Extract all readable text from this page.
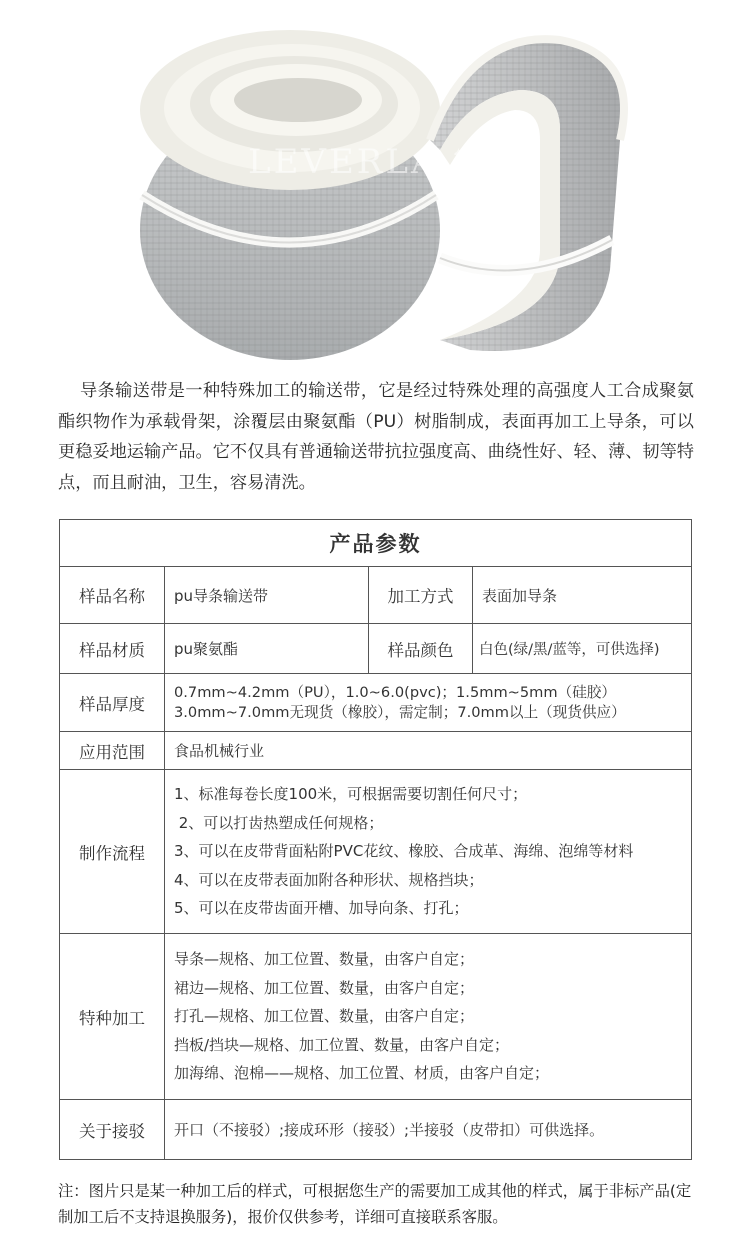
LEVERLA 睿川

导条输送带是一种特殊加工的输送带，它是经过特殊处理的高强度人工合成聚氨酯织物作为承载骨架，涂覆层由聚氨酯（PU）树脂制成，表面再加工上导条，可以更稳妥地运输产品。它不仅具有普通输送带抗拉强度高、曲绕性好、轻、薄、韧等特点，而且耐油，卫生，容易清洗。

产品参数			
样品名称	pu导条输送带	加工方式	表面加导条
样品材质	pu聚氨酯	样品颜色	白色(绿/黑/蓝等，可供选择)
样品厚度	0.7mm~4.2mm（PU），1.0~6.0(pvc)；1.5mm~5mm（硅胶）
3.0mm~7.0mm无现货（橡胶），需定制；7.0mm以上（现货供应）		

应用范围	食品机械行业		
制作流程	1、标准每卷长度100米，可根据需要切割任何尺寸；
2、可以打齿热塑成任何规格；
3、可以在皮带背面粘附PVC花纹、橡胶、合成革、海绵、泡绵等材料
4、可以在皮带表面加附各种形状、规格挡块；
5、可以在皮带齿面开槽、加导向条、打孔；		

特种加工	导条—规格、加工位置、数量，由客户自定；
裙边—规格、加工位置、数量，由客户自定；
打孔—规格、加工位置、数量，由客户自定；
挡板/挡块—规格、加工位置、数量，由客户自定；
加海绵、泡棉——规格、加工位置、材质，由客户自定；		

关于接驳	开口（不接驳）;接成环形（接驳）;半接驳（皮带扣）可供选择。		
注：图片只是某一种加工后的样式，可根据您生产的需要加工成其他的样式，属于非标产品(定制加工后不支持退换服务)，报价仅供参考，详细可直接联系客服。
